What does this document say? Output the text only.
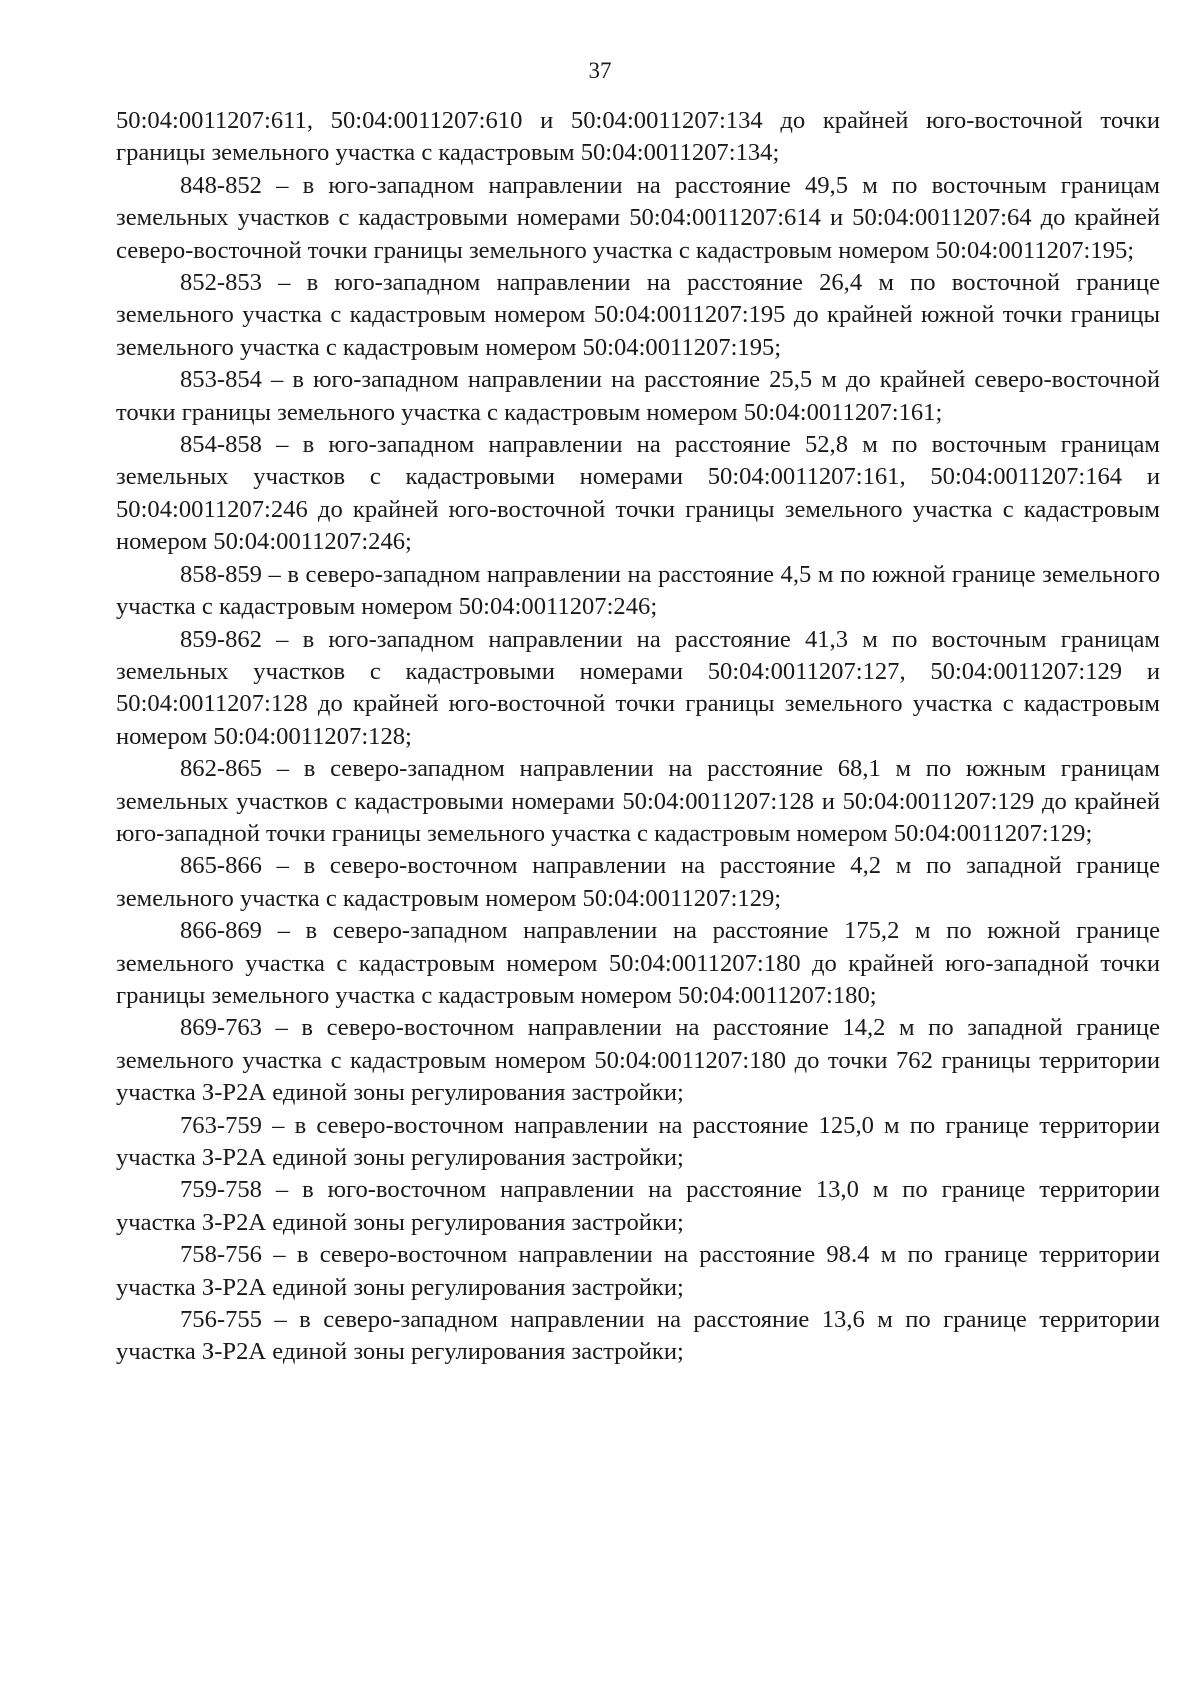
37

50:04:0011207:611, 50:04:0011207:610 и 50:04:0011207:134 до крайней юго-восточной точки границы земельного участка с кадастровым 50:04:0011207:134;

848-852 – в юго-западном направлении на расстояние 49,5 м по восточным границам земельных участков с кадастровыми номерами 50:04:0011207:614 и 50:04:0011207:64 до крайней северо-восточной точки границы земельного участка с кадастровым номером 50:04:0011207:195;

852-853 – в юго-западном направлении на расстояние 26,4 м по восточной границе земельного участка с кадастровым номером 50:04:0011207:195 до крайней южной точки границы земельного участка с кадастровым номером 50:04:0011207:195;

853-854 – в юго-западном направлении на расстояние 25,5 м до крайней северо-восточной точки границы земельного участка с кадастровым номером 50:04:0011207:161;

854-858 – в юго-западном направлении на расстояние 52,8 м по восточным границам земельных участков с кадастровыми номерами 50:04:0011207:161, 50:04:0011207:164 и 50:04:0011207:246 до крайней юго-восточной точки границы земельного участка с кадастровым номером 50:04:0011207:246;

858-859 – в северо-западном направлении на расстояние 4,5 м по южной границе земельного участка с кадастровым номером 50:04:0011207:246;

859-862 – в юго-западном направлении на расстояние 41,3 м по восточным границам земельных участков с кадастровыми номерами 50:04:0011207:127, 50:04:0011207:129 и 50:04:0011207:128 до крайней юго-восточной точки границы земельного участка с кадастровым номером 50:04:0011207:128;

862-865 – в северо-западном направлении на расстояние 68,1 м по южным границам земельных участков с кадастровыми номерами 50:04:0011207:128 и 50:04:0011207:129 до крайней юго-западной точки границы земельного участка с кадастровым номером 50:04:0011207:129;

865-866 – в северо-восточном направлении на расстояние 4,2 м по западной границе земельного участка с кадастровым номером 50:04:0011207:129;

866-869 – в северо-западном направлении на расстояние 175,2 м по южной границе земельного участка с кадастровым номером 50:04:0011207:180 до крайней юго-западной точки границы земельного участка с кадастровым номером 50:04:0011207:180;

869-763 – в северо-восточном направлении на расстояние 14,2 м по западной границе земельного участка с кадастровым номером 50:04:0011207:180 до точки 762 границы территории участка З-Р2А единой зоны регулирования застройки;

763-759 – в северо-восточном направлении на расстояние 125,0 м по границе территории участка З-Р2А единой зоны регулирования застройки;

759-758 – в юго-восточном направлении на расстояние 13,0 м по границе территории участка З-Р2А единой зоны регулирования застройки;

758-756 – в северо-восточном направлении на расстояние 98.4 м по границе территории участка З-Р2А единой зоны регулирования застройки;

756-755 – в северо-западном направлении на расстояние 13,6 м по границе территории участка З-Р2А единой зоны регулирования застройки;
